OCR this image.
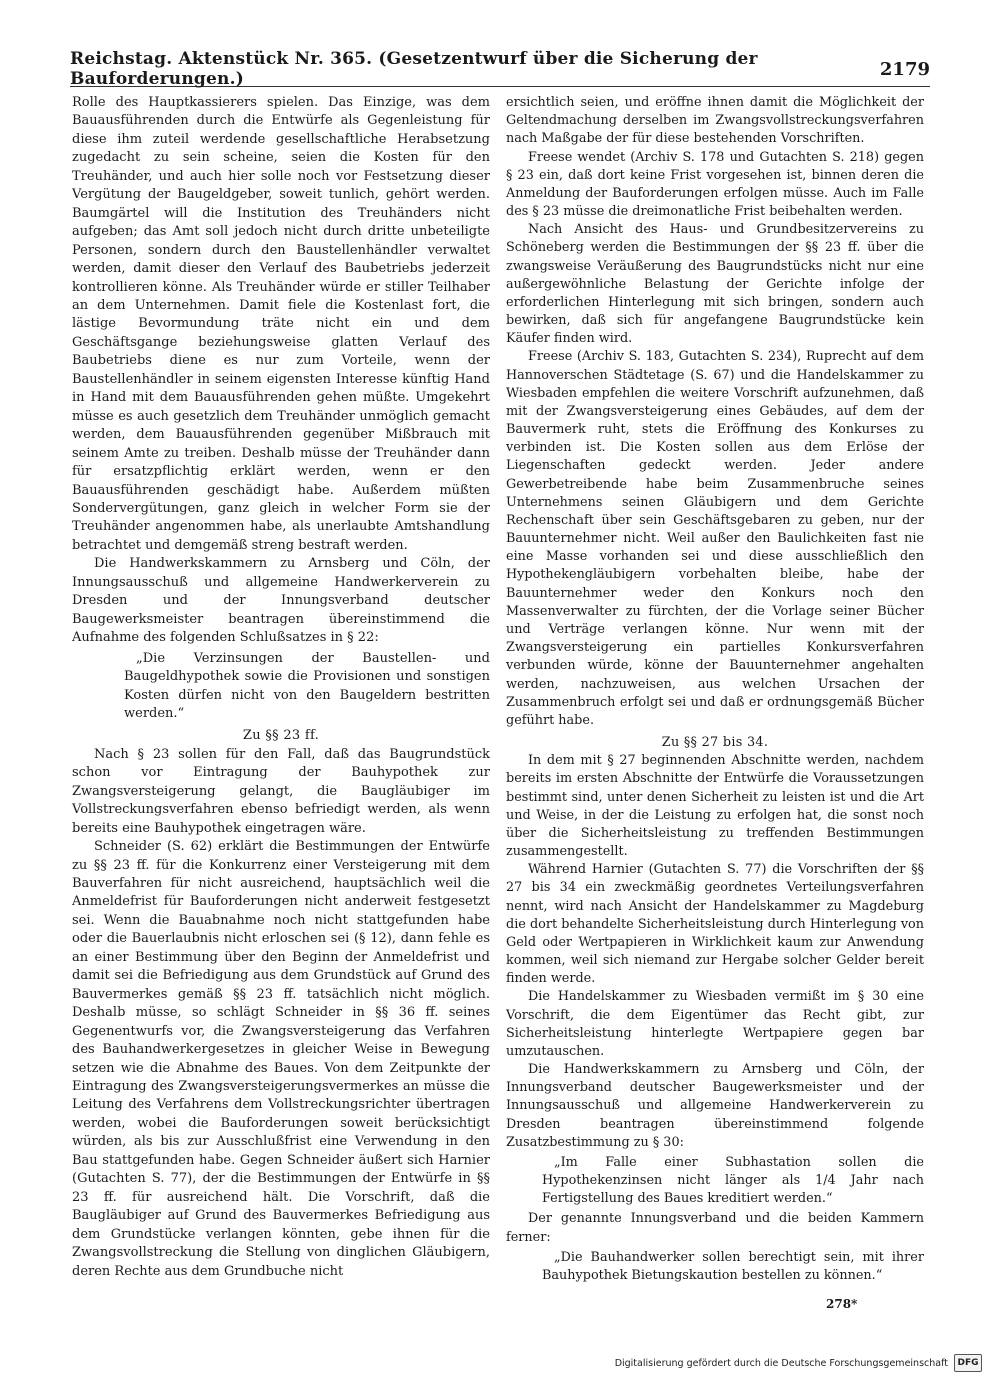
Reichstag. Aktenstück Nr. 365. (Gesetzentwurf über die Sicherung der Bauforderungen.)	2179

Rolle des Hauptkassierers spielen. Das Einzige, was dem Bauausführenden durch die Entwürfe als Gegenleistung für diese ihm zuteil werdende gesellschaftliche Herabsetzung zugedacht zu sein scheine, seien die Kosten für den Treuhänder, und auch hier solle noch vor Festsetzung dieser Vergütung der Baugeldgeber, soweit tunlich, gehört werden. Baumgärtel will die Institution des Treuhänders nicht aufgeben; das Amt soll jedoch nicht durch dritte unbeteiligte Personen, sondern durch den Baustellenhändler verwaltet werden, damit dieser den Verlauf des Baubetriebs jederzeit kontrollieren könne. Als Treuhänder würde er stiller Teilhaber an dem Unternehmen. Damit fiele die Kostenlast fort, die lästige Bevormundung träte nicht ein und dem Geschäftsgange beziehungsweise glatten Verlauf des Baubetriebs diene es nur zum Vorteile, wenn der Baustellenhändler in seinem eigensten Interesse künftig Hand in Hand mit dem Bauausführenden gehen müßte. Umgekehrt müsse es auch gesetzlich dem Treuhänder unmöglich gemacht werden, dem Bauausführenden gegenüber Mißbrauch mit seinem Amte zu treiben. Deshalb müsse der Treuhänder dann für ersatzpflichtig erklärt werden, wenn er den Bauausführenden geschädigt habe. Außerdem müßten Sondervergütungen, ganz gleich in welcher Form sie der Treuhänder angenommen habe, als unerlaubte Amtshandlung betrachtet und demgemäß streng bestraft werden.

Die Handwerkskammern zu Arnsberg und Cöln, der Innungsausschuß und allgemeine Handwerkerverein zu Dresden und der Innungsverband deutscher Baugewerksmeister beantragen übereinstimmend die Aufnahme des folgenden Schlußsatzes in § 22:

„Die Verzinsungen der Baustellen- und Baugeldhypothek sowie die Provisionen und sonstigen Kosten dürfen nicht von den Baugeldern bestritten werden.“

Zu §§ 23 ff.

Nach § 23 sollen für den Fall, daß das Baugrundstück schon vor Eintragung der Bauhypothek zur Zwangsversteigerung gelangt, die Baugläubiger im Vollstreckungsverfahren ebenso befriedigt werden, als wenn bereits eine Bauhypothek eingetragen wäre.

Schneider (S. 62) erklärt die Bestimmungen der Entwürfe zu §§ 23 ff. für die Konkurrenz einer Versteigerung mit dem Bauverfahren für nicht ausreichend, hauptsächlich weil die Anmeldefrist für Bauforderungen nicht anderweit festgesetzt sei. Wenn die Bauabnahme noch nicht stattgefunden habe oder die Bauerlaubnis nicht erloschen sei (§ 12), dann fehle es an einer Bestimmung über den Beginn der Anmeldefrist und damit sei die Befriedigung aus dem Grundstück auf Grund des Bauvermerkes gemäß §§ 23 ff. tatsächlich nicht möglich. Deshalb müsse, so schlägt Schneider in §§ 36 ff. seines Gegenentwurfs vor, die Zwangsversteigerung das Verfahren des Bauhandwerkergesetzes in gleicher Weise in Bewegung setzen wie die Abnahme des Baues. Von dem Zeitpunkte der Eintragung des Zwangsversteigerungsvermerkes an müsse die Leitung des Verfahrens dem Vollstreckungsrichter übertragen werden, wobei die Bauforderungen soweit berücksichtigt würden, als bis zur Ausschlußfrist eine Verwendung in den Bau stattgefunden habe. Gegen Schneider äußert sich Harnier (Gutachten S. 77), der die Bestimmungen der Entwürfe in §§ 23 ff. für ausreichend hält. Die Vorschrift, daß die Baugläubiger auf Grund des Bauvermerkes Befriedigung aus dem Grundstücke verlangen könnten, gebe ihnen für die Zwangsvollstreckung die Stellung von dinglichen Gläubigern, deren Rechte aus dem Grundbuche nicht

ersichtlich seien, und eröffne ihnen damit die Möglichkeit der Geltendmachung derselben im Zwangsvollstreckungsverfahren nach Maßgabe der für diese bestehenden Vorschriften.

Freese wendet (Archiv S. 178 und Gutachten S. 218) gegen § 23 ein, daß dort keine Frist vorgesehen ist, binnen deren die Anmeldung der Bauforderungen erfolgen müsse. Auch im Falle des § 23 müsse die dreimonatliche Frist beibehalten werden.

Nach Ansicht des Haus- und Grundbesitzervereins zu Schöneberg werden die Bestimmungen der §§ 23 ff. über die zwangsweise Veräußerung des Baugrundstücks nicht nur eine außergewöhnliche Belastung der Gerichte infolge der erforderlichen Hinterlegung mit sich bringen, sondern auch bewirken, daß sich für angefangene Baugrundstücke kein Käufer finden wird.

Freese (Archiv S. 183, Gutachten S. 234), Ruprecht auf dem Hannoverschen Städtetage (S. 67) und die Handelskammer zu Wiesbaden empfehlen die weitere Vorschrift aufzunehmen, daß mit der Zwangsversteigerung eines Gebäudes, auf dem der Bauvermerk ruht, stets die Eröffnung des Konkurses zu verbinden ist. Die Kosten sollen aus dem Erlöse der Liegenschaften gedeckt werden. Jeder andere Gewerbetreibende habe beim Zusammenbruche seines Unternehmens seinen Gläubigern und dem Gerichte Rechenschaft über sein Geschäftsgebaren zu geben, nur der Bauunternehmer nicht. Weil außer den Baulichkeiten fast nie eine Masse vorhanden sei und diese ausschließlich den Hypothekengläubigern vorbehalten bleibe, habe der Bauunternehmer weder den Konkurs noch den Massenverwalter zu fürchten, der die Vorlage seiner Bücher und Verträge verlangen könne. Nur wenn mit der Zwangsversteigerung ein partielles Konkursverfahren verbunden würde, könne der Bauunternehmer angehalten werden, nachzuweisen, aus welchen Ursachen der Zusammenbruch erfolgt sei und daß er ordnungsgemäß Bücher geführt habe.

Zu §§ 27 bis 34.

In dem mit § 27 beginnenden Abschnitte werden, nachdem bereits im ersten Abschnitte der Entwürfe die Voraussetzungen bestimmt sind, unter denen Sicherheit zu leisten ist und die Art und Weise, in der die Leistung zu erfolgen hat, die sonst noch über die Sicherheitsleistung zu treffenden Bestimmungen zusammengestellt.

Während Harnier (Gutachten S. 77) die Vorschriften der §§ 27 bis 34 ein zweckmäßig geordnetes Verteilungsverfahren nennt, wird nach Ansicht der Handelskammer zu Magdeburg die dort behandelte Sicherheitsleistung durch Hinterlegung von Geld oder Wertpapieren in Wirklichkeit kaum zur Anwendung kommen, weil sich niemand zur Hergabe solcher Gelder bereit finden werde.

Die Handelskammer zu Wiesbaden vermißt im § 30 eine Vorschrift, die dem Eigentümer das Recht gibt, zur Sicherheitsleistung hinterlegte Wertpapiere gegen bar umzutauschen.

Die Handwerkskammern zu Arnsberg und Cöln, der Innungsverband deutscher Baugewerksmeister und der Innungsausschuß und allgemeine Handwerkerverein zu Dresden beantragen übereinstimmend folgende Zusatzbestimmung zu § 30:

„Im Falle einer Subhastation sollen die Hypothekenzinsen nicht länger als 1/4 Jahr nach Fertigstellung des Baues kreditiert werden.“

Der genannte Innungsverband und die beiden Kammern ferner:

„Die Bauhandwerker sollen berechtigt sein, mit ihrer Bauhypothek Bietungskaution bestellen zu können.“

278*
Digitalisierung gefördert durch die Deutsche Forschungsgemeinschaft	DFG
